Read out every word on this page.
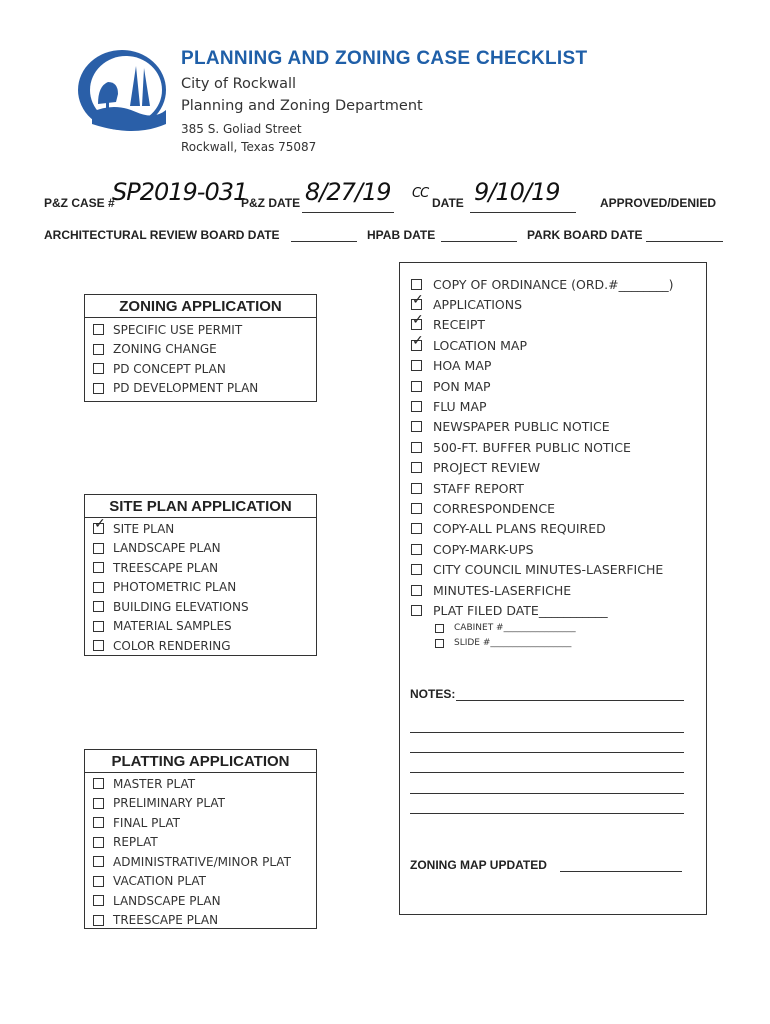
PLANNING AND ZONING CASE CHECKLIST
City of Rockwall
Planning and Zoning Department
385 S. Goliad Street
Rockwall, Texas 75087
P&Z CASE #
SP2019-031
P&Z DATE 8/27/19 CC
DATE 9/10/19	APPROVED/DENIED
ARCHITECTURAL REVIEW BOARD DATE	HPAB DATE	PARK BOARD DATE
ZONING APPLICATION
SPECIFIC USE PERMIT
ZONING CHANGE
PD CONCEPT PLAN
PD DEVELOPMENT PLAN
SITE PLAN APPLICATION
✓
SITE PLAN
LANDSCAPE PLAN
TREESCAPE PLAN
PHOTOMETRIC PLAN
BUILDING ELEVATIONS
MATERIAL SAMPLES
COLOR RENDERING
PLATTING APPLICATION
MASTER PLAT
PRELIMINARY PLAT
FINAL PLAT
REPLAT
ADMINISTRATIVE/MINOR PLAT
VACATION PLAT
LANDSCAPE PLAN
TREESCAPE PLAN
COPY OF ORDINANCE (ORD.#________)
✓
APPLICATIONS
✓
RECEIPT
✓
LOCATION MAP
HOA MAP
PON MAP
FLU MAP
NEWSPAPER PUBLIC NOTICE
500-FT. BUFFER PUBLIC NOTICE
PROJECT REVIEW
STAFF REPORT
CORRESPONDENCE
COPY-ALL PLANS REQUIRED
COPY-MARK-UPS
CITY COUNCIL MINUTES-LASERFICHE
MINUTES-LASERFICHE
PLAT FILED DATE___________
CABINET #________________
SLIDE #__________________
NOTES:
ZONING MAP UPDATED
